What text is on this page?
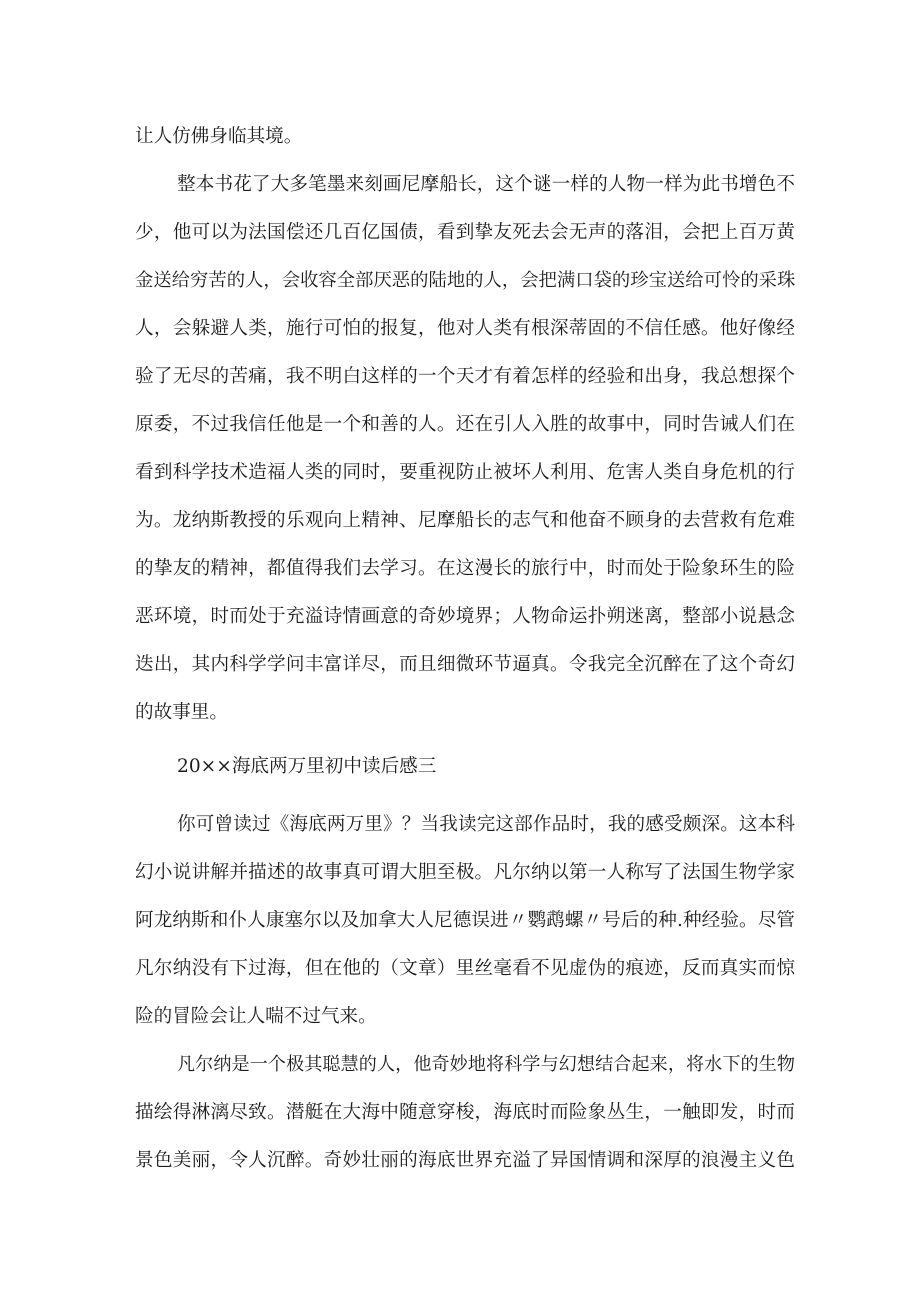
让人仿佛身临其境。
整本书花了大多笔墨来刻画尼摩船长，这个谜一样的人物一样为此书增色不
少，他可以为法国偿还几百亿国债，看到挚友死去会无声的落泪，会把上百万黄
金送给穷苦的人，会收容全部厌恶的陆地的人，会把满口袋的珍宝送给可怜的采珠
人，会躲避人类，施行可怕的报复，他对人类有根深蒂固的不信任感。他好像经
验了无尽的苦痛，我不明白这样的一个天才有着怎样的经验和出身，我总想探个
原委，不过我信任他是一个和善的人。还在引人入胜的故事中，同时告诫人们在
看到科学技术造福人类的同时，要重视防止被坏人利用、危害人类自身危机的行
为。龙纳斯教授的乐观向上精神、尼摩船长的志气和他奋不顾身的去营救有危难
的挚友的精神，都值得我们去学习。在这漫长的旅行中，时而处于险象环生的险
恶环境，时而处于充溢诗情画意的奇妙境界；人物命运扑朔迷离，整部小说悬念
迭出，其内科学学问丰富详尽，而且细微环节逼真。令我完全沉醉在了这个奇幻
的故事里。
20××海底两万里初中读后感三
你可曾读过《海底两万里》？当我读完这部作品时，我的感受颇深。这本科
幻小说讲解并描述的故事真可谓大胆至极。凡尔纳以第一人称写了法国生物学家
阿龙纳斯和仆人康塞尔以及加拿大人尼德误进〃鹦鹉螺〃号后的种.种经验。尽管
凡尔纳没有下过海，但在他的（文章）里丝毫看不见虚伪的痕迹，反而真实而惊
险的冒险会让人喘不过气来。
凡尔纳是一个极其聪慧的人，他奇妙地将科学与幻想结合起来，将水下的生物
描绘得淋漓尽致。潜艇在大海中随意穿梭，海底时而险象丛生，一触即发，时而
景色美丽，令人沉醉。奇妙壮丽的海底世界充溢了异国情调和深厚的浪漫主义色
